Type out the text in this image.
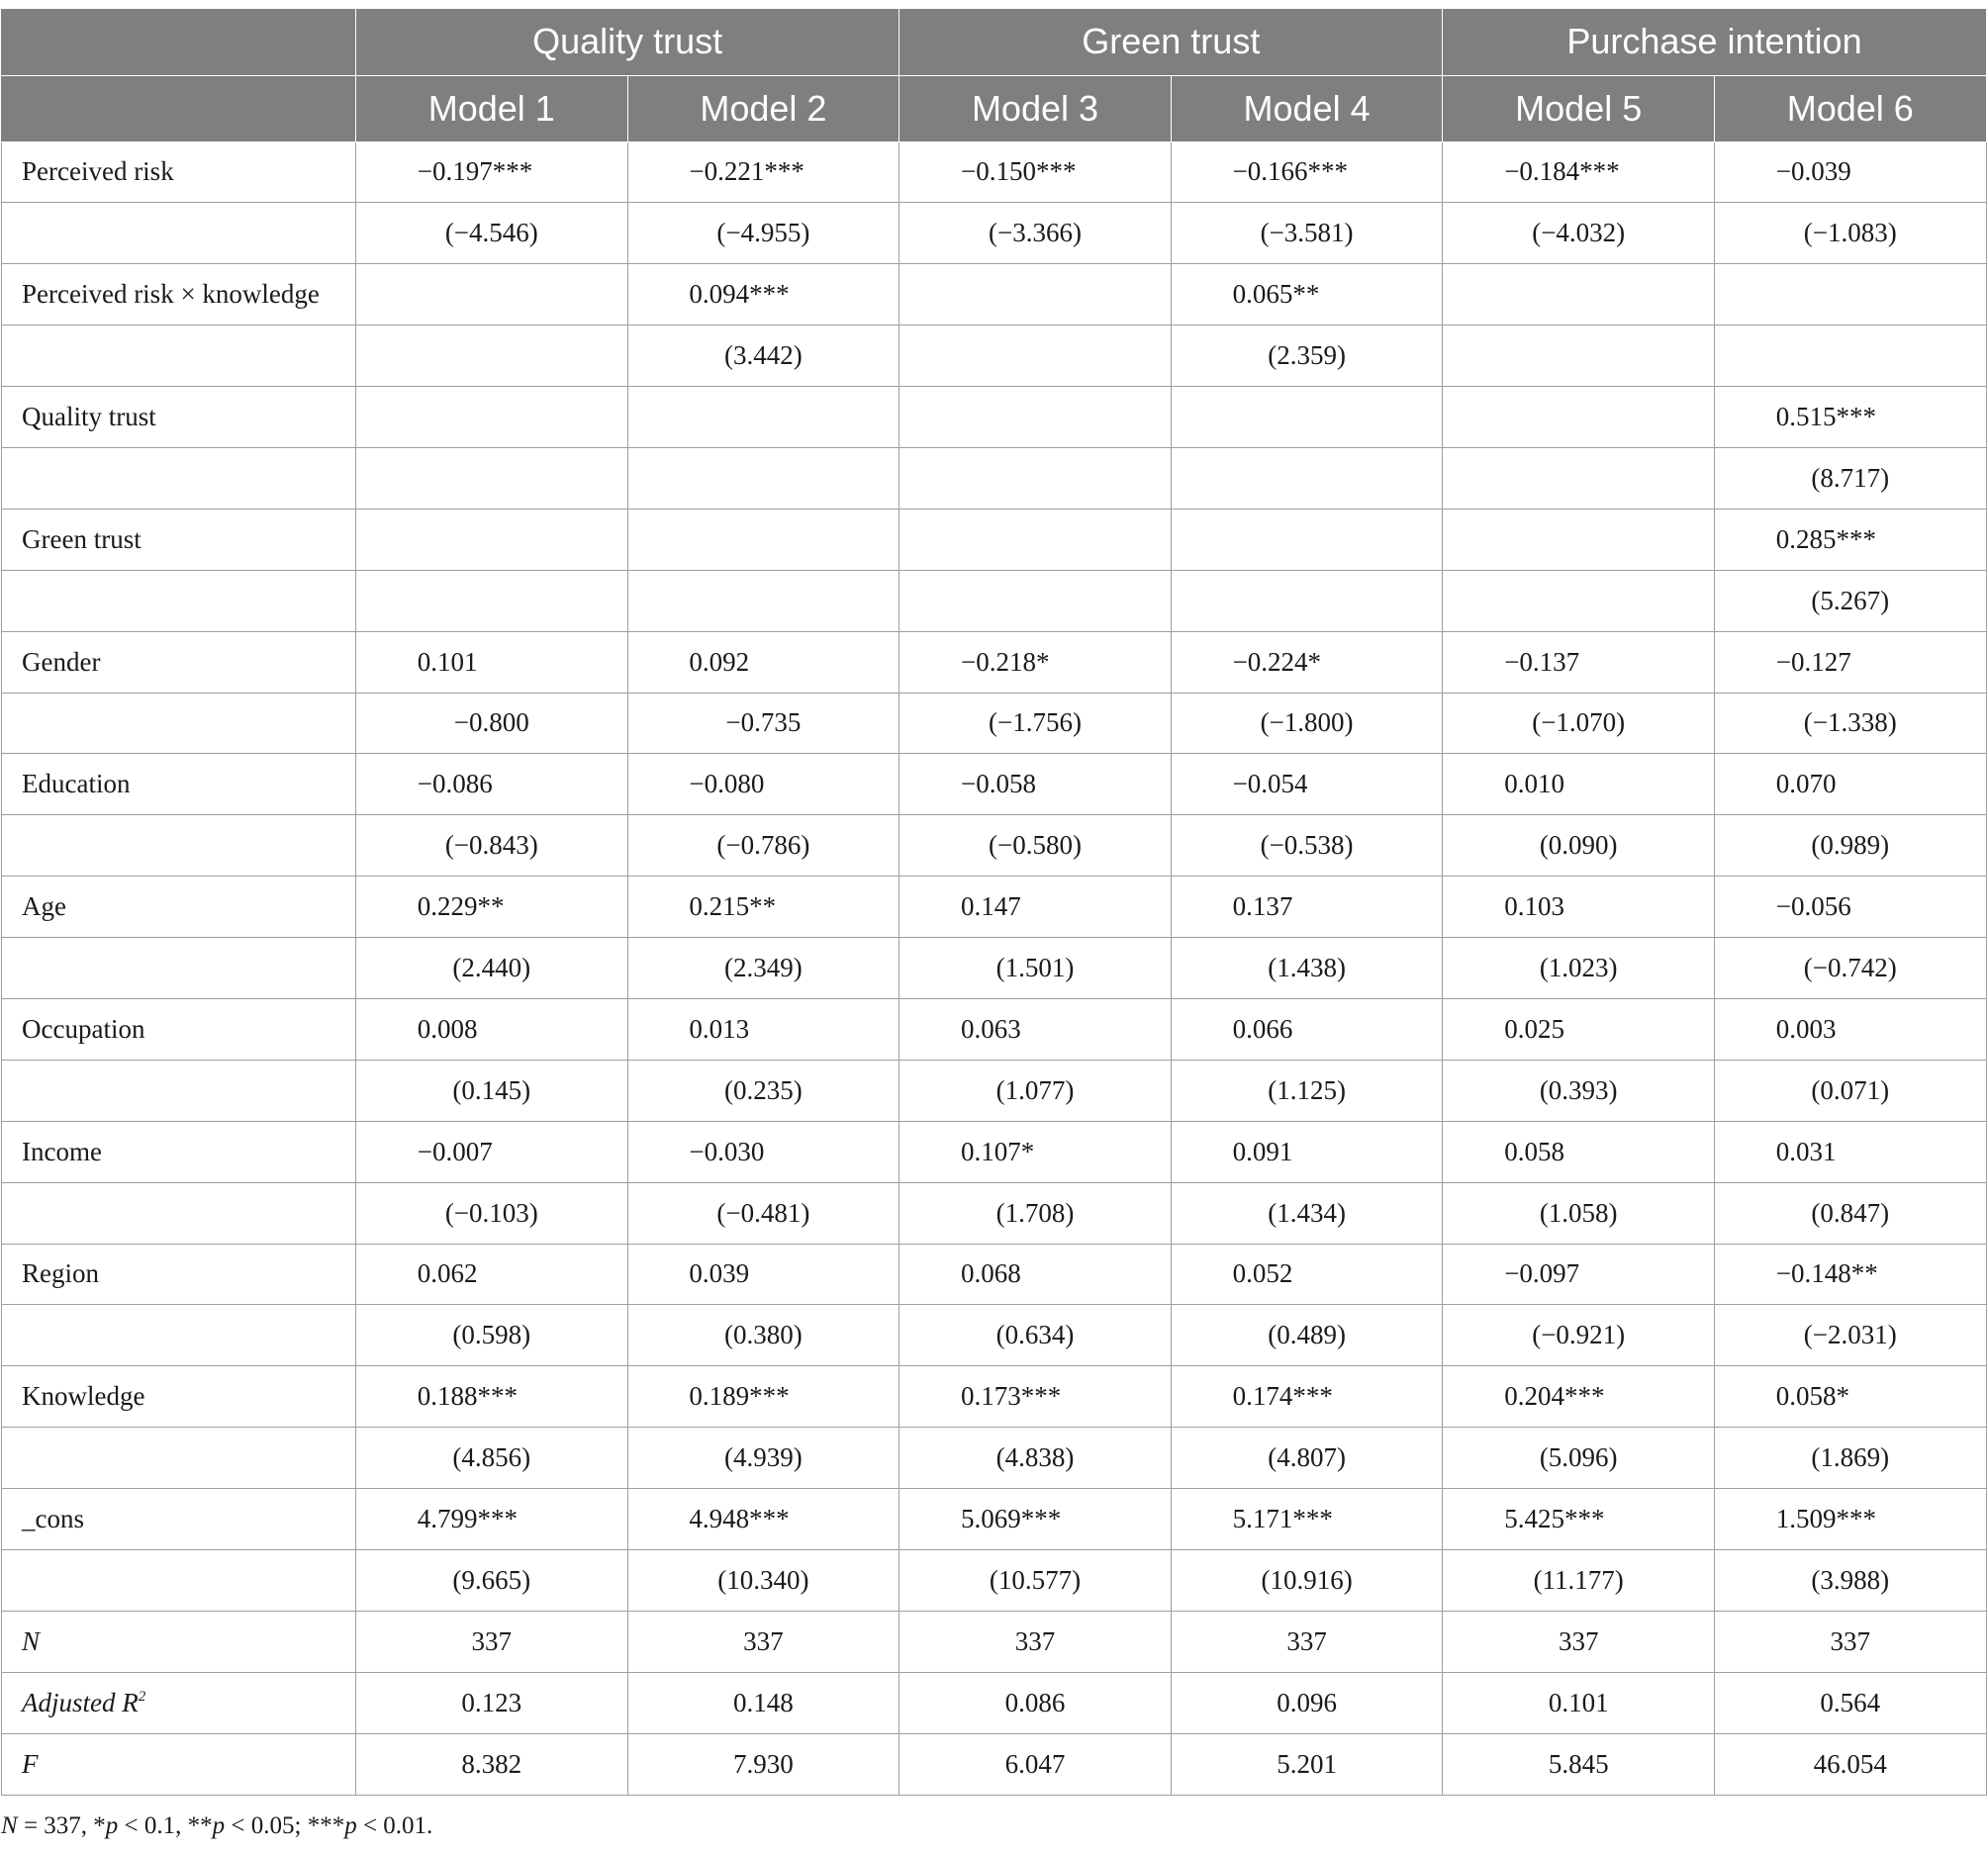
	Quality trust		Green trust		Purchase intention	
	Model 1	Model 2	Model 3	Model 4	Model 5	Model 6
Perceived risk	−0.197***	−0.221***	−0.150***	−0.166***	−0.184***	−0.039
	(−4.546)	(−4.955)	(−3.366)	(−3.581)	(−4.032)	(−1.083)
Perceived risk × knowledge		0.094***		0.065**		
		(3.442)		(2.359)		
Quality trust						0.515***
						(8.717)
Green trust						0.285***
						(5.267)
Gender	0.101	0.092	−0.218*	−0.224*	−0.137	−0.127
	−0.800	−0.735	(−1.756)	(−1.800)	(−1.070)	(−1.338)
Education	−0.086	−0.080	−0.058	−0.054	0.010	0.070
	(−0.843)	(−0.786)	(−0.580)	(−0.538)	(0.090)	(0.989)
Age	0.229**	0.215**	0.147	0.137	0.103	−0.056
	(2.440)	(2.349)	(1.501)	(1.438)	(1.023)	(−0.742)
Occupation	0.008	0.013	0.063	0.066	0.025	0.003
	(0.145)	(0.235)	(1.077)	(1.125)	(0.393)	(0.071)
Income	−0.007	−0.030	0.107*	0.091	0.058	0.031
	(−0.103)	(−0.481)	(1.708)	(1.434)	(1.058)	(0.847)
Region	0.062	0.039	0.068	0.052	−0.097	−0.148**
	(0.598)	(0.380)	(0.634)	(0.489)	(−0.921)	(−2.031)
Knowledge	0.188***	0.189***	0.173***	0.174***	0.204***	0.058*
	(4.856)	(4.939)	(4.838)	(4.807)	(5.096)	(1.869)
_cons	4.799***	4.948***	5.069***	5.171***	5.425***	1.509***
	(9.665)	(10.340)	(10.577)	(10.916)	(11.177)	(3.988)
N	337	337	337	337	337	337
Adjusted $R^2$	0.123	0.148	0.086	0.096	0.101	0.564
F	8.382	7.930	6.047	5.201	5.845	46.054
N = 337, *p < 0.1, **p < 0.05; ***p < 0.01.
